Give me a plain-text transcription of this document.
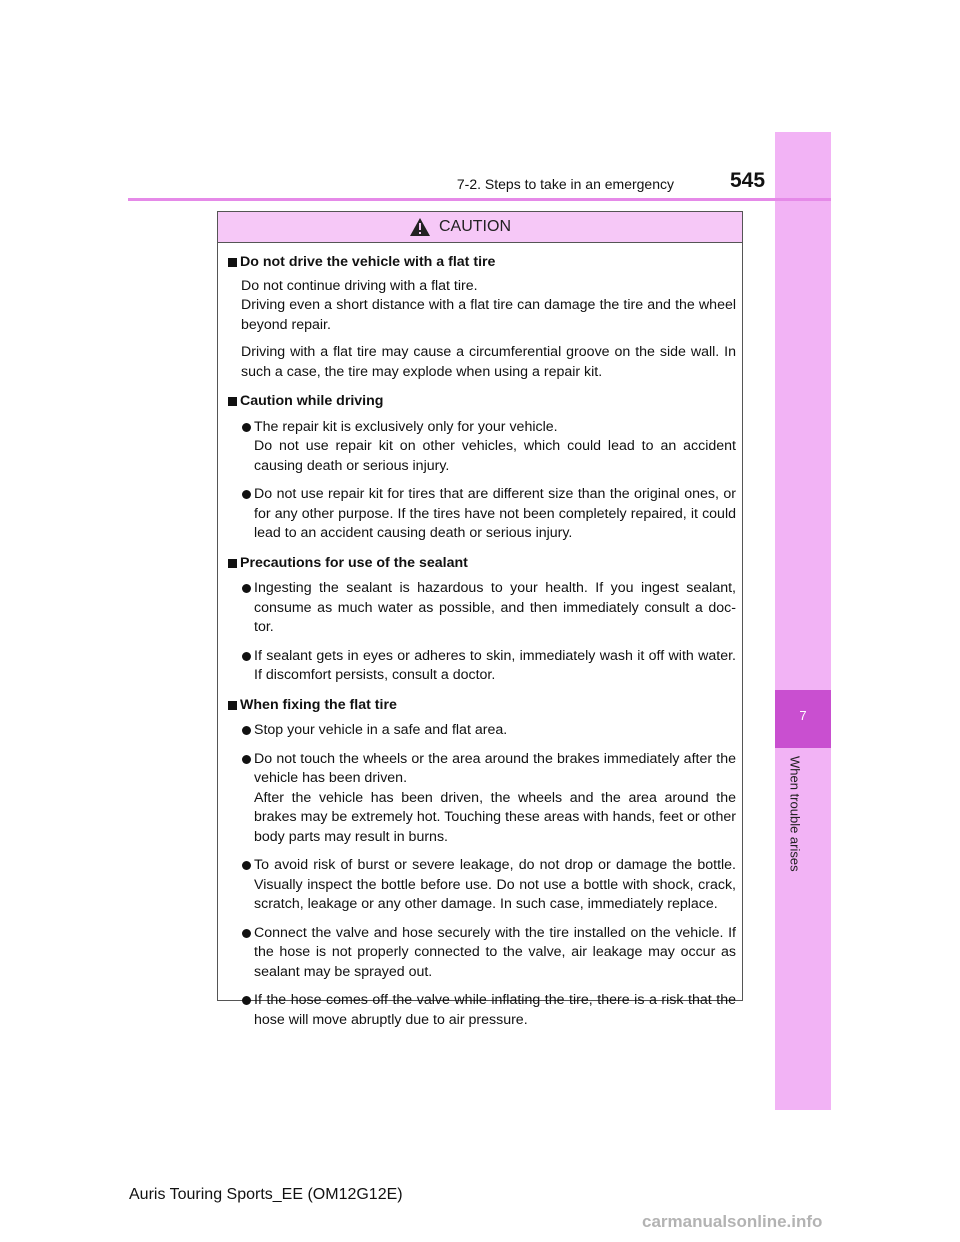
7
When trouble arises
7-2. Steps to take in an emergency	545
CAUTION
Do not drive the vehicle with a flat tire
Do not continue driving with a flat tire.
Driving even a short distance with a flat tire can damage the tire and the wheel beyond repair.
Driving with a flat tire may cause a circumferential groove on the side wall. In such a case, the tire may explode when using a repair kit.
Caution while driving
The repair kit is exclusively only for your vehicle.
Do not use repair kit on other vehicles, which could lead to an accident causing death or serious injury.
Do not use repair kit for tires that are different size than the original ones, or for any other purpose. If the tires have not been completely repaired, it could lead to an accident causing death or serious injury.
Precautions for use of the sealant
Ingesting the sealant is hazardous to your health. If you ingest sealant, consume as much water as possible, and then immediately consult a doc-tor.
If sealant gets in eyes or adheres to skin, immediately wash it off with water. If discomfort persists, consult a doctor.
When fixing the flat tire
Stop your vehicle in a safe and flat area.
Do not touch the wheels or the area around the brakes immediately after the vehicle has been driven.
After the vehicle has been driven, the wheels and the area around the brakes may be extremely hot. Touching these areas with hands, feet or other body parts may result in burns.
To avoid risk of burst or severe leakage, do not drop or damage the bottle. Visually inspect the bottle before use. Do not use a bottle with shock, crack, scratch, leakage or any other damage. In such case, immediately replace.
Connect the valve and hose securely with the tire installed on the vehicle. If the hose is not properly connected to the valve, air leakage may occur as sealant may be sprayed out.
If the hose comes off the valve while inflating the tire, there is a risk that the hose will move abruptly due to air pressure.
Auris Touring Sports_EE (OM12G12E)
carmanualsonline.info
